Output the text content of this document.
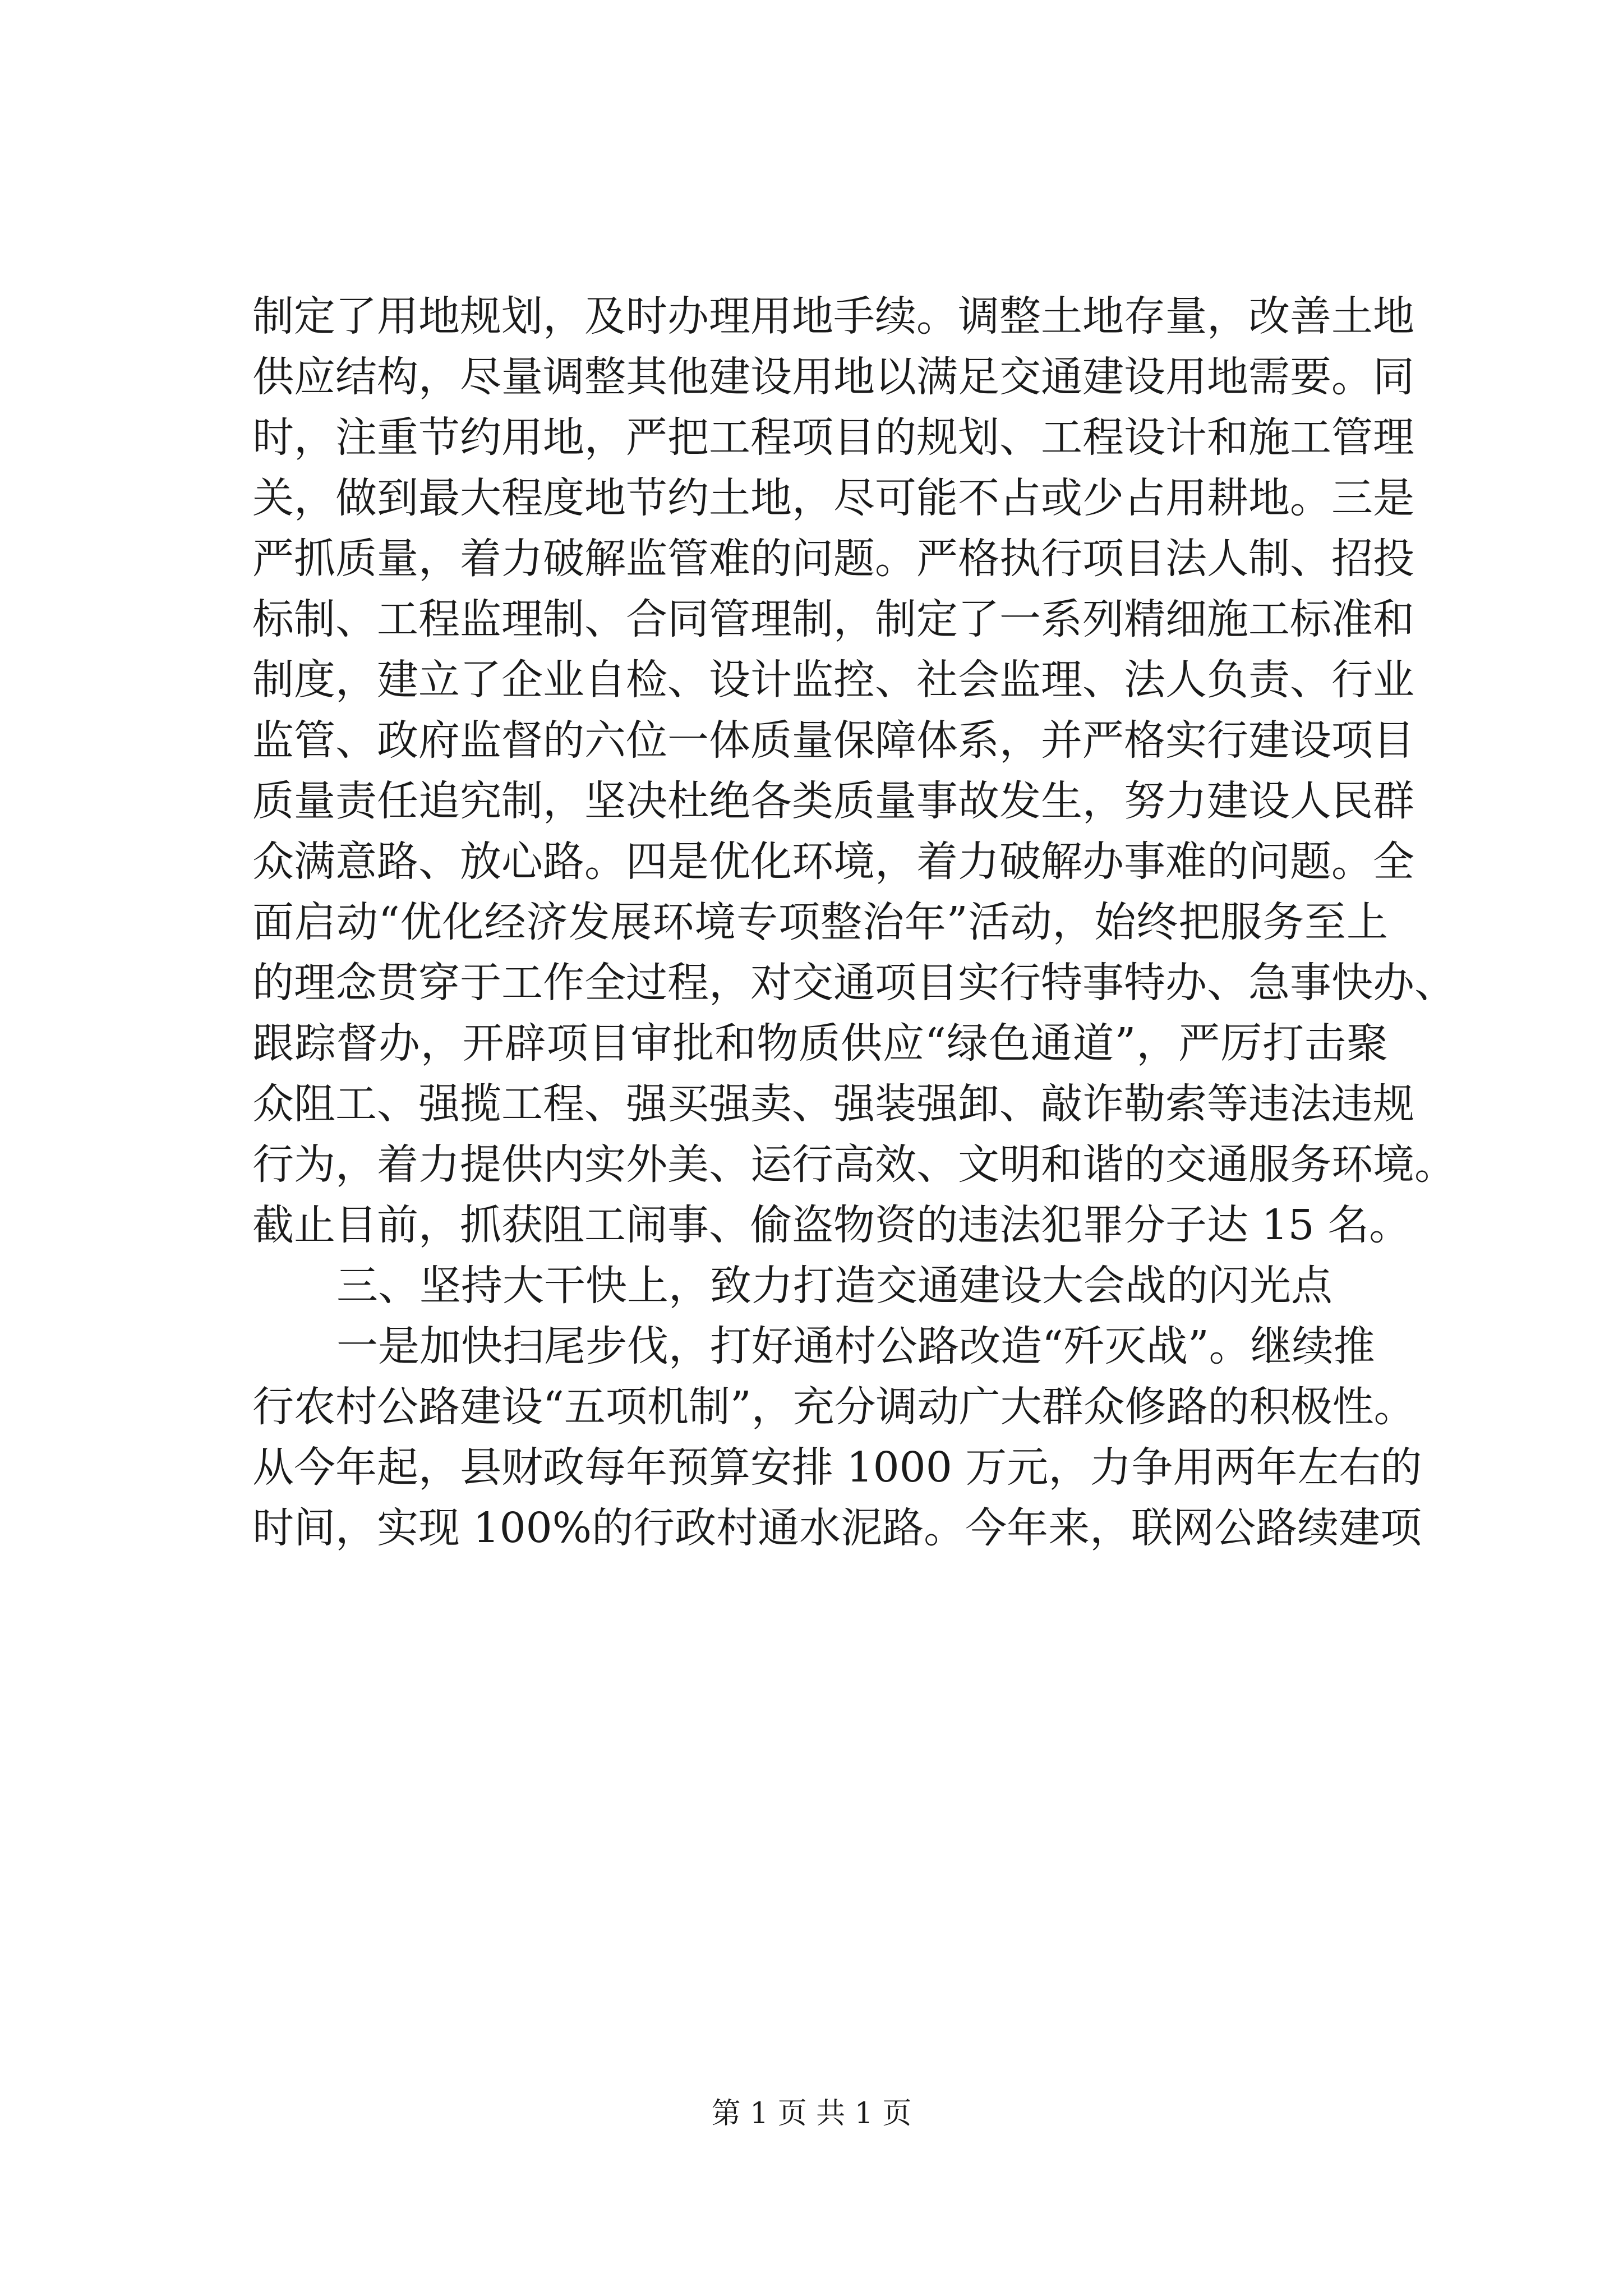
制定了用地规划，及时办理用地手续。调整土地存量，改善土地
供应结构，尽量调整其他建设用地以满足交通建设用地需要。同
时，注重节约用地，严把工程项目的规划、工程设计和施工管理
关，做到最大程度地节约土地，尽可能不占或少占用耕地。三是
严抓质量，着力破解监管难的问题。严格执行项目法人制、招投
标制、工程监理制、合同管理制，制定了一系列精细施工标准和
制度，建立了企业自检、设计监控、社会监理、法人负责、行业
监管、政府监督的六位一体质量保障体系，并严格实行建设项目
质量责任追究制，坚决杜绝各类质量事故发生，努力建设人民群
众满意路、放心路。四是优化环境，着力破解办事难的问题。全
面启动“优化经济发展环境专项整治年”活动，始终把服务至上
的理念贯穿于工作全过程，对交通项目实行特事特办、急事快办、
跟踪督办，开辟项目审批和物质供应“绿色通道”，严厉打击聚
众阻工、强揽工程、强买强卖、强装强卸、敲诈勒索等违法违规
行为，着力提供内实外美、运行高效、文明和谐的交通服务环境。
截止目前，抓获阻工闹事、偷盗物资的违法犯罪分子达 15 名。
三、坚持大干快上，致力打造交通建设大会战的闪光点
一是加快扫尾步伐，打好通村公路改造“歼灭战”。继续推
行农村公路建设“五项机制”，充分调动广大群众修路的积极性。
从今年起，县财政每年预算安排 1000 万元，力争用两年左右的
时间，实现 100%的行政村通水泥路。今年来，联网公路续建项
第 1 页 共 1 页
